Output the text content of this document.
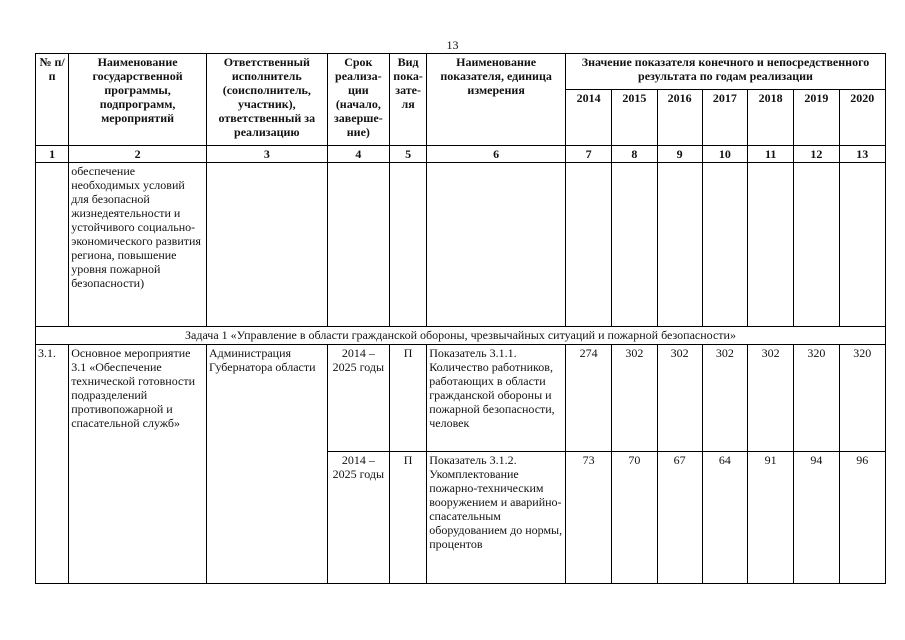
13
№ п/п	Наименование государственной программы, подпрограмм, мероприятий	Ответственный исполнитель (соисполнитель, участник), ответственный за реализацию	Срок реализа-ции (начало, заверше-ние)	Вид пока-зате-ля	Наименование показателя, единица измерения	Значение показателя конечного и непосредственного результата по годам реализации						
						2014	2015	2016	2017	2018	2019	2020
1	2	3	4	5	6	7	8	9	10	11	12	13
	обеспечение необходимых условий для безопасной жизнедеятельности и устойчивого социально-экономического развития региона, повышение уровня пожарной безопасности)											
Задача 1 «Управление в области гражданской обороны, чрезвычайных ситуаций и пожарной безопасности»												
3.1.	Основное мероприятие 3.1 «Обеспечение технической готовности подразделений противопожарной и спасательной служб»	Администрация Губернатора области	2014 – 2025 годы	П	Показатель 3.1.1. Количество работников, работающих в области гражданской обороны и пожарной безопасности, человек	274	302	302	302	302	320	320
			2014 – 2025 годы	П	Показатель 3.1.2. Укомплектование пожарно-техническим вооружением и аварийно-спасательным оборудованием до нормы, процентов	73	70	67	64	91	94	96
